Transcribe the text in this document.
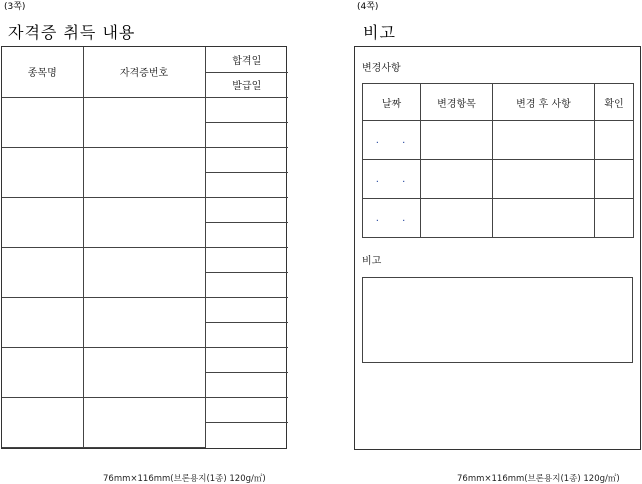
(3쪽)
자격증 취득 내용
종목명	자격증번호	합격일
		발급일

76mm×116mm(브론용지(1종) 120g/㎡)
(4쪽)
비고
변경사항
날짜	변경항목	변경 후 사항	확인
. .			
. .			
. .			
비고
76mm×116mm(브론용지(1종) 120g/㎡)
